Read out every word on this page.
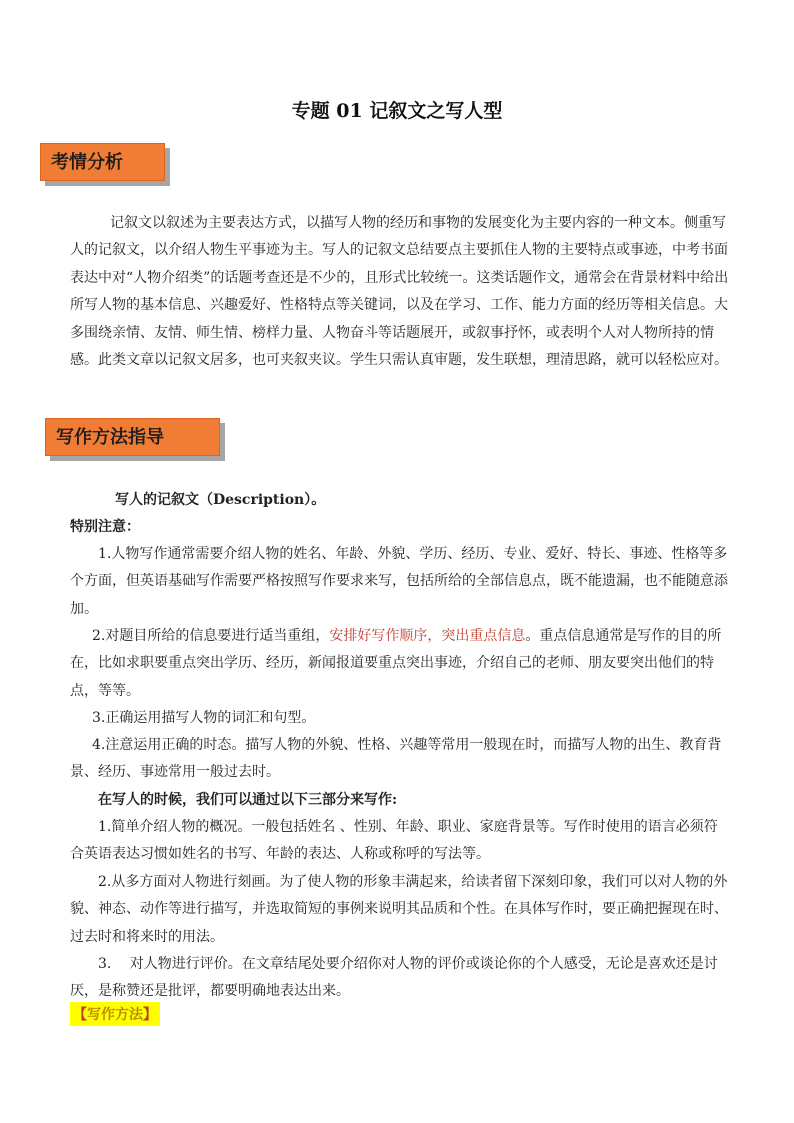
专题 01 记叙文之写人型
考情分析
记叙文以叙述为主要表达方式，以描写人物的经历和事物的发展变化为主要内容的一种文本。侧重写人的记叙文，以介绍人物生平事迹为主。写人的记叙文总结要点主要抓住人物的主要特点或事迹，中考书面表达中对“人物介绍类”的话题考查还是不少的，且形式比较统一。这类话题作文，通常会在背景材料中给出所写人物的基本信息、兴趣爱好、性格特点等关键词，以及在学习、工作、能力方面的经历等相关信息。大多围绕亲情、友情、师生情、榜样力量、人物奋斗等话题展开，或叙事抒怀，或表明个人对人物所持的情感。此类文章以记叙文居多，也可夹叙夹议。学生只需认真审题，发生联想，理清思路，就可以轻松应对。
写作方法指导
写人的记叙文（Description）。
特别注意：
1.人物写作通常需要介绍人物的姓名、年龄、外貌、学历、经历、专业、爱好、特长、事迹、性格等多个方面，但英语基础写作需要严格按照写作要求来写，包括所给的全部信息点，既不能遗漏，也不能随意添加。
2.对题目所给的信息要进行适当重组，安排好写作顺序，突出重点信息。重点信息通常是写作的目的所在，比如求职要重点突出学历、经历，新闻报道要重点突出事迹，介绍自己的老师、朋友要突出他们的特点，等等。
3.正确运用描写人物的词汇和句型。
4.注意运用正确的时态。描写人物的外貌、性格、兴趣等常用一般现在时，而描写人物的出生、教育背景、经历、事迹常用一般过去时。
在写人的时候，我们可以通过以下三部分来写作:
1.简单介绍人物的概况。一般包括姓名 、性别、年龄、职业、家庭背景等。写作时使用的语言必须符合英语表达习惯如姓名的书写、年龄的表达、人称或称呼的写法等。
2.从多方面对人物进行刻画。为了使人物的形象丰满起来，给读者留下深刻印象，我们可以对人物的外貌、神态、动作等进行描写，并选取简短的事例来说明其品质和个性。在具体写作时，要正确把握现在时、过去时和将来时的用法。
3.　 对人物进行评价。在文章结尾处要介绍你对人物的评价或谈论你的个人感受，无论是喜欢还是讨厌，是称赞还是批评，都要明确地表达出来。
【写作方法】
